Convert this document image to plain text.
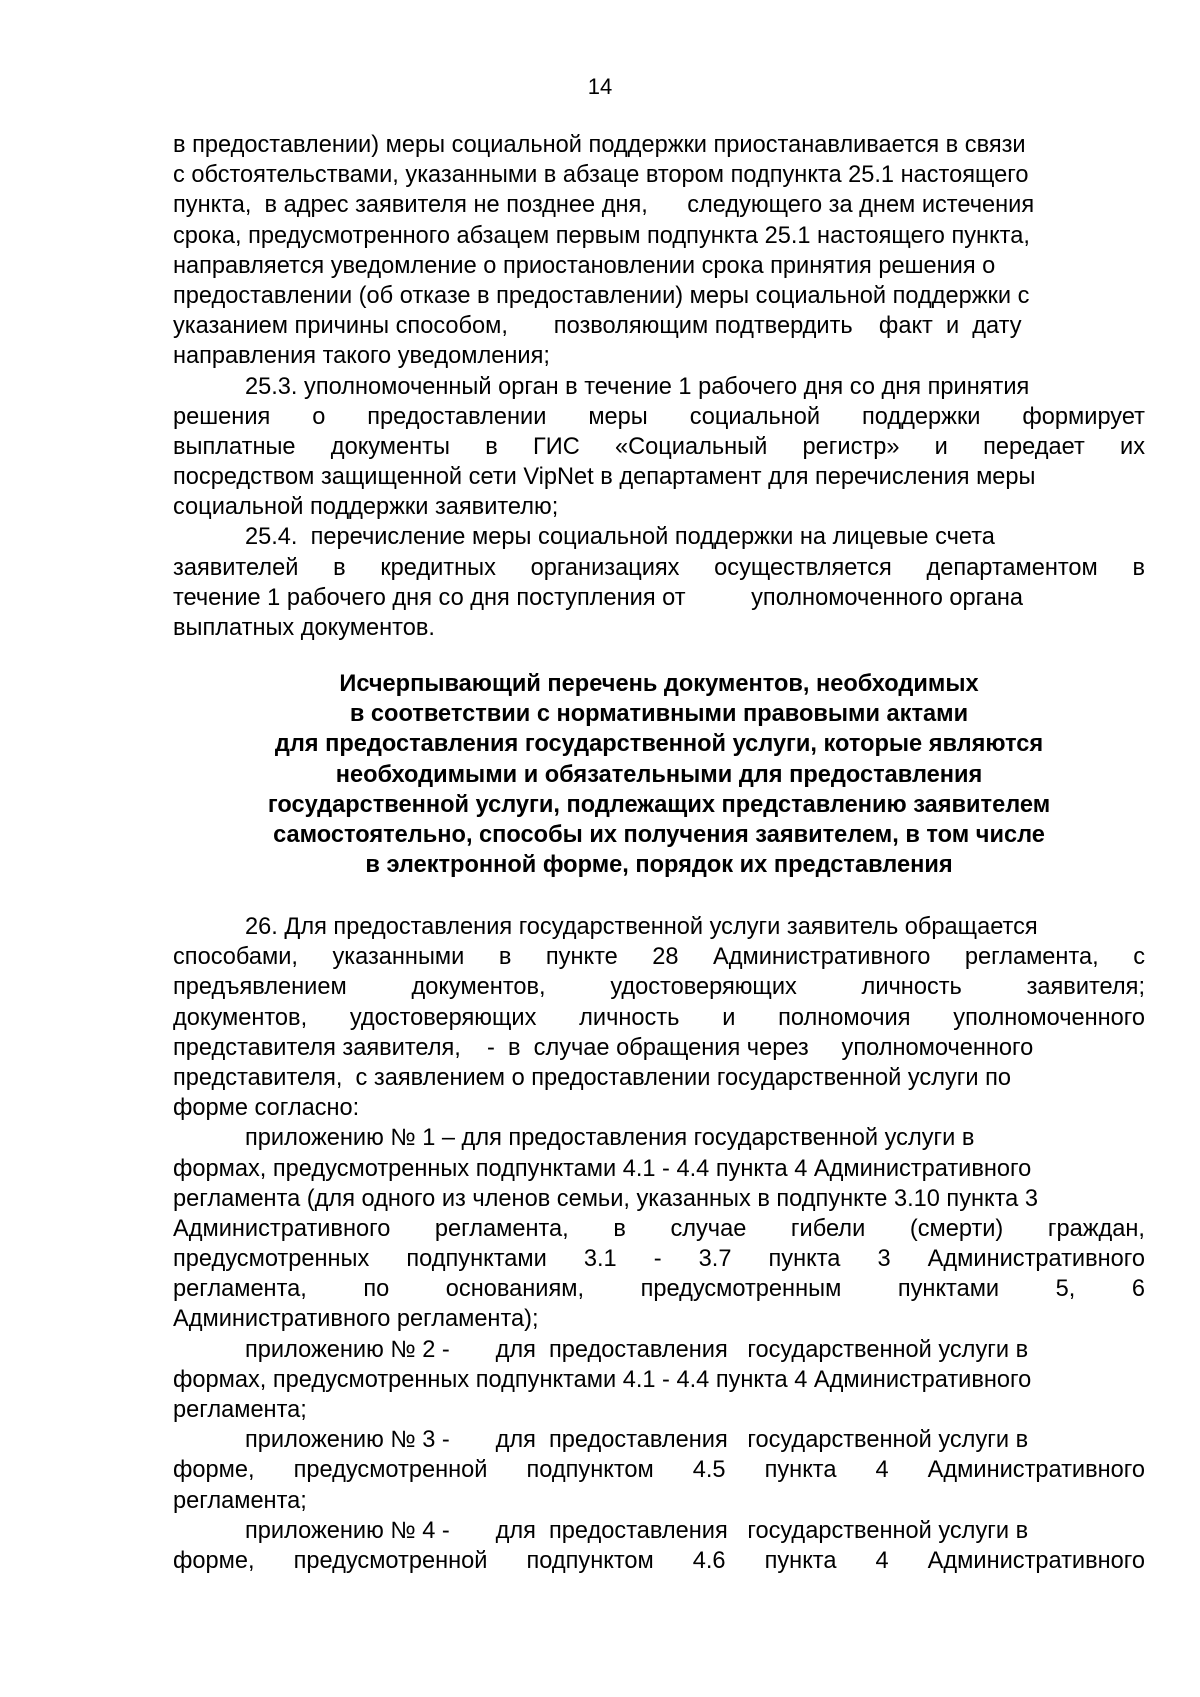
14
в предоставлении) меры социальной поддержки приостанавливается в связи
с обстоятельствами, указанными в абзаце втором подпункта 25.1 настоящего
пункта,  в адрес заявителя не позднее дня,      следующего за днем истечения
срока, предусмотренного абзацем первым подпункта 25.1 настоящего пункта,
направляется уведомление о приостановлении срока принятия решения о
предоставлении (об отказе в предоставлении) меры социальной поддержки с
указанием причины способом,       позволяющим подтвердить    факт  и  дату
направления такого уведомления;
25.3. уполномоченный орган в течение 1 рабочего дня со дня принятия
решения о предоставлении меры социальной поддержки формирует
выплатные документы в ГИС «Социальный регистр» и передает их
посредством защищенной сети VipNet в департамент для перечисления меры
социальной поддержки заявителю;
25.4.  перечисление меры социальной поддержки на лицевые счета
заявителей в кредитных организациях осуществляется департаментом в
течение 1 рабочего дня со дня поступления от          уполномоченного органа
выплатных документов.
Исчерпывающий перечень документов, необходимых
в соответствии с нормативными правовыми актами
для предоставления государственной услуги, которые являются
необходимыми и обязательными для предоставления
государственной услуги, подлежащих представлению заявителем
самостоятельно, способы их получения заявителем, в том числе
в электронной форме, порядок их представления
26. Для предоставления государственной услуги заявитель обращается
способами, указанными в пункте 28 Административного регламента, с
предъявлением документов, удостоверяющих личность заявителя;
документов, удостоверяющих личность и полномочия уполномоченного
представителя заявителя,    -  в  случае обращения через     уполномоченного
представителя,  с заявлением о предоставлении государственной услуги по
форме согласно:
приложению № 1 – для предоставления государственной услуги в
формах, предусмотренных подпунктами 4.1 - 4.4 пункта 4 Административного
регламента (для одного из членов семьи, указанных в подпункте 3.10 пункта 3
Административного регламента, в случае гибели (смерти) граждан,
предусмотренных подпунктами 3.1 - 3.7 пункта 3 Административного
регламента, по основаниям, предусмотренным пунктами 5, 6
Административного регламента);
приложению № 2 -       для  предоставления   государственной услуги в
формах, предусмотренных подпунктами 4.1 - 4.4 пункта 4 Административного
регламента;
приложению № 3 -       для  предоставления   государственной услуги в
форме, предусмотренной подпунктом 4.5 пункта 4 Административного
регламента;
приложению № 4 -       для  предоставления   государственной услуги в
форме, предусмотренной подпунктом 4.6 пункта 4 Административного
